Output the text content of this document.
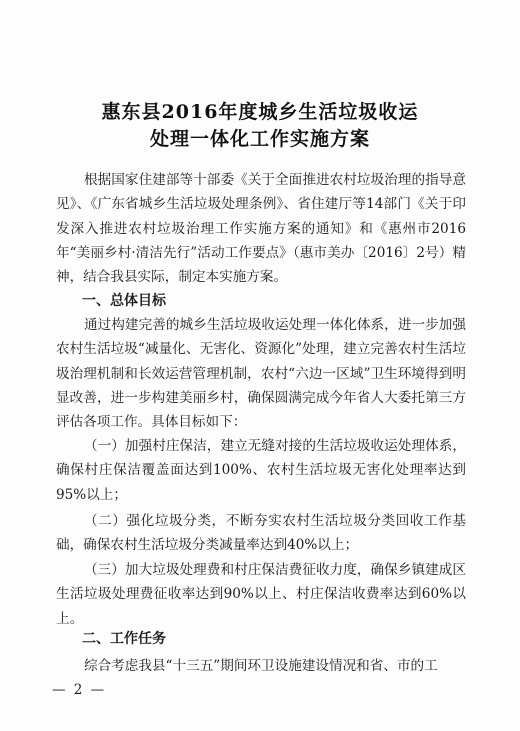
惠东县2016年度城乡生活垃圾收运
处理一体化工作实施方案

根据国家住建部等十部委《关于全面推进农村垃圾治理的指导意见》、《广东省城乡生活垃圾处理条例》、省住建厅等14部门《关于印发深入推进农村垃圾治理工作实施方案的通知》和《惠州市2016年“美丽乡村·清洁先行”活动工作要点》（惠市美办〔2016〕2号）精神，结合我县实际，制定本实施方案。

一、总体目标

通过构建完善的城乡生活垃圾收运处理一体化体系，进一步加强农村生活垃圾“减量化、无害化、资源化”处理，建立完善农村生活垃圾治理机制和长效运营管理机制，农村“六边一区域”卫生环境得到明显改善，进一步构建美丽乡村，确保圆满完成今年省人大委托第三方评估各项工作。具体目标如下：

（一）加强村庄保洁，建立无缝对接的生活垃圾收运处理体系，确保村庄保洁覆盖面达到100%、农村生活垃圾无害化处理率达到95%以上；

（二）强化垃圾分类，不断夯实农村生活垃圾分类回收工作基础，确保农村生活垃圾分类减量率达到40%以上；

（三）加大垃圾处理费和村庄保洁费征收力度，确保乡镇建成区生活垃圾处理费征收率达到90%以上、村庄保洁收费率达到60%以上。

二、工作任务

综合考虑我县“十三五”期间环卫设施建设情况和省、市的工

— 2 —
